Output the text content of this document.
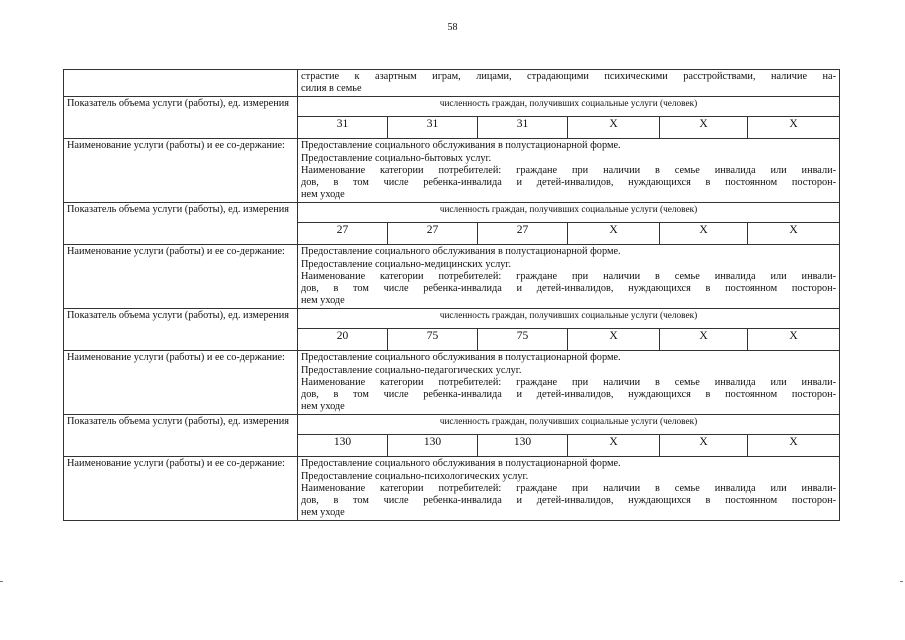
58

	страстие к азартным играм, лицами, страдающими психическими расстройствами, наличие на-
силия в семье					

Показатель объема услуги (работы), ед. измерения	численность граждан, получивших социальные услуги (человек)					
	31	31	31	X	X	X
Наименование услуги (работы) и ее со-держание:	Предоставление социального обслуживания в полустационарной форме.
Предоставление социально-бытовых услуг.
Наименование категории потребителей: граждане при наличии в семье инвалида или инвали-
дов, в том числе ребенка-инвалида и детей-инвалидов, нуждающихся в постоянном посторон-
нем уходе					

Показатель объема услуги (работы), ед. измерения	численность граждан, получивших социальные услуги (человек)					
	27	27	27	X	X	X
Наименование услуги (работы) и ее со-держание:	Предоставление социального обслуживания в полустационарной форме.
Предоставление социально-медицинских услуг.
Наименование категории потребителей: граждане при наличии в семье инвалида или инвали-
дов, в том числе ребенка-инвалида и детей-инвалидов, нуждающихся в постоянном посторон-
нем уходе					

Показатель объема услуги (работы), ед. измерения	численность граждан, получивших социальные услуги (человек)					
	20	75	75	X	X	X
Наименование услуги (работы) и ее со-держание:	Предоставление социального обслуживания в полустационарной форме.
Предоставление социально-педагогических услуг.
Наименование категории потребителей: граждане при наличии в семье инвалида или инвали-
дов, в том числе ребенка-инвалида и детей-инвалидов, нуждающихся в постоянном посторон-
нем уходе					

Показатель объема услуги (работы), ед. измерения	численность граждан, получивших социальные услуги (человек)					
	130	130	130	X	X	X
Наименование услуги (работы) и ее со-держание:	Предоставление социального обслуживания в полустационарной форме.
Предоставление социально-психологических услуг.
Наименование категории потребителей: граждане при наличии в семье инвалида или инвали-
дов, в том числе ребенка-инвалида и детей-инвалидов, нуждающихся в постоянном посторон-
нем уходе					
